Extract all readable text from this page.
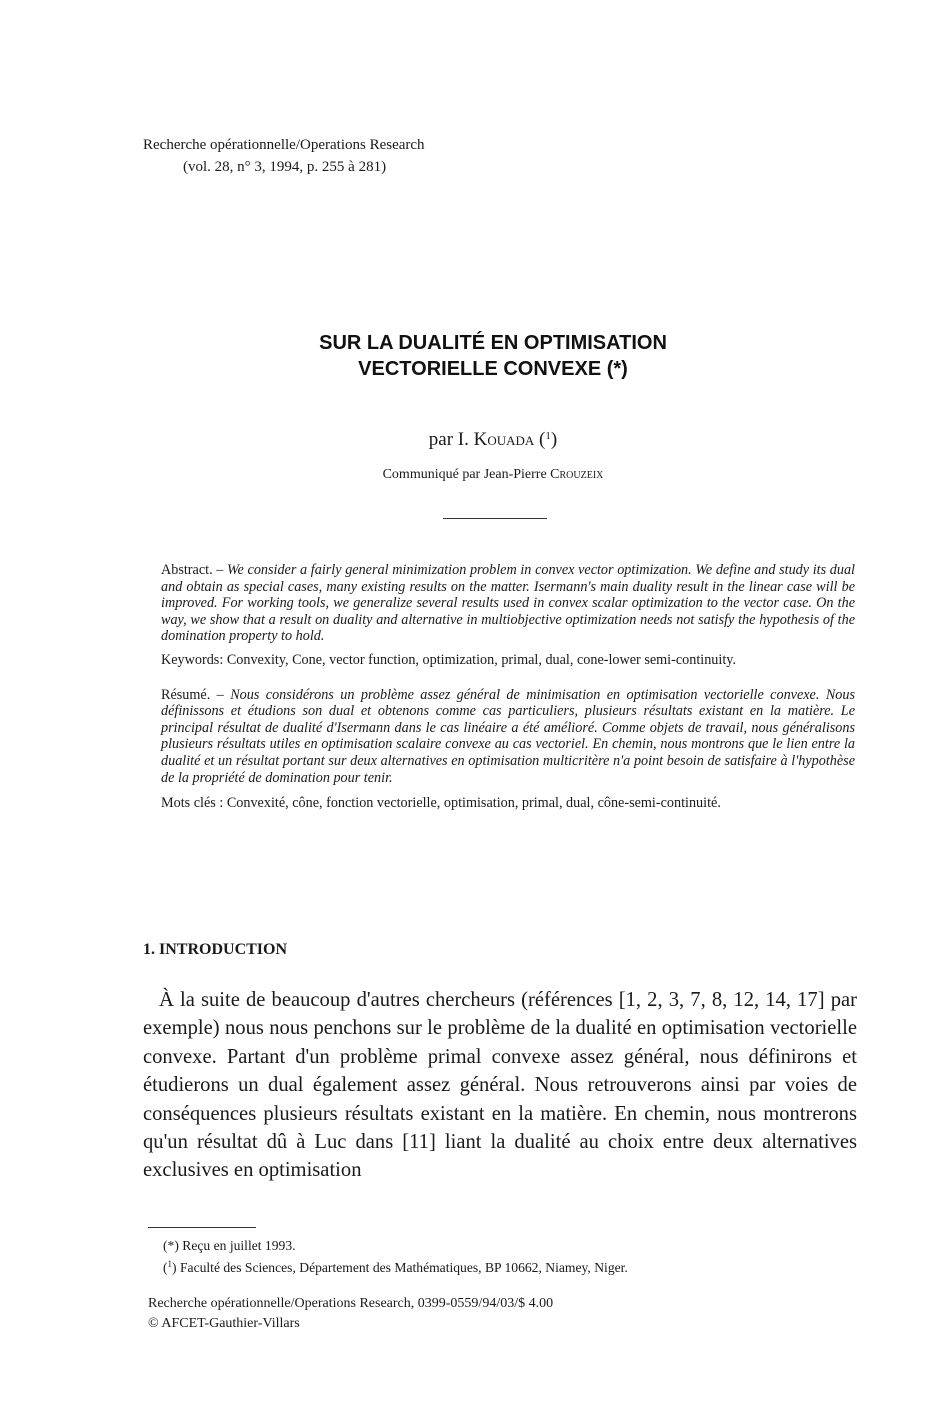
Recherche opérationnelle/Operations Research
(vol. 28, n° 3, 1994, p. 255 à 281)
SUR LA DUALITÉ EN OPTIMISATION
VECTORIELLE CONVEXE (*)
par I. Kouada ($^1$)
Communiqué par Jean-Pierre Crouzeix

Abstract. – We consider a fairly general minimization problem in convex vector optimization. We define and study its dual and obtain as special cases, many existing results on the matter. Isermann's main duality result in the linear case will be improved. For working tools, we generalize several results used in convex scalar optimization to the vector case. On the way, we show that a result on duality and alternative in multiobjective optimization needs not satisfy the hypothesis of the domination property to hold.

Keywords: Convexity, Cone, vector function, optimization, primal, dual, cone-lower semi-continuity.

Résumé. – Nous considérons un problème assez général de minimisation en optimisation vectorielle convexe. Nous définissons et étudions son dual et obtenons comme cas particuliers, plusieurs résultats existant en la matière. Le principal résultat de dualité d'Isermann dans le cas linéaire a été amélioré. Comme objets de travail, nous généralisons plusieurs résultats utiles en optimisation scalaire convexe au cas vectoriel. En chemin, nous montrons que le lien entre la dualité et un résultat portant sur deux alternatives en optimisation multicritère n'a point besoin de satisfaire à l'hypothèse de la propriété de domination pour tenir.

Mots clés : Convexité, cône, fonction vectorielle, optimisation, primal, dual, cône-semi-continuité.

1. INTRODUCTION

À la suite de beaucoup d'autres chercheurs (références [1, 2, 3, 7, 8, 12, 14, 17] par exemple) nous nous penchons sur le problème de la dualité en optimisation vectorielle convexe. Partant d'un problème primal convexe assez général, nous définirons et étudierons un dual également assez général. Nous retrouverons ainsi par voies de conséquences plusieurs résultats existant en la matière. En chemin, nous montrerons qu'un résultat dû à Luc dans [11] liant la dualité au choix entre deux alternatives exclusives en optimisation

(*) Reçu en juillet 1993.
($^1$) Faculté des Sciences, Département des Mathématiques, BP 10662, Niamey, Niger.
Recherche opérationnelle/Operations Research, 0399-0559/94/03/$ 4.00
© AFCET-Gauthier-Villars
